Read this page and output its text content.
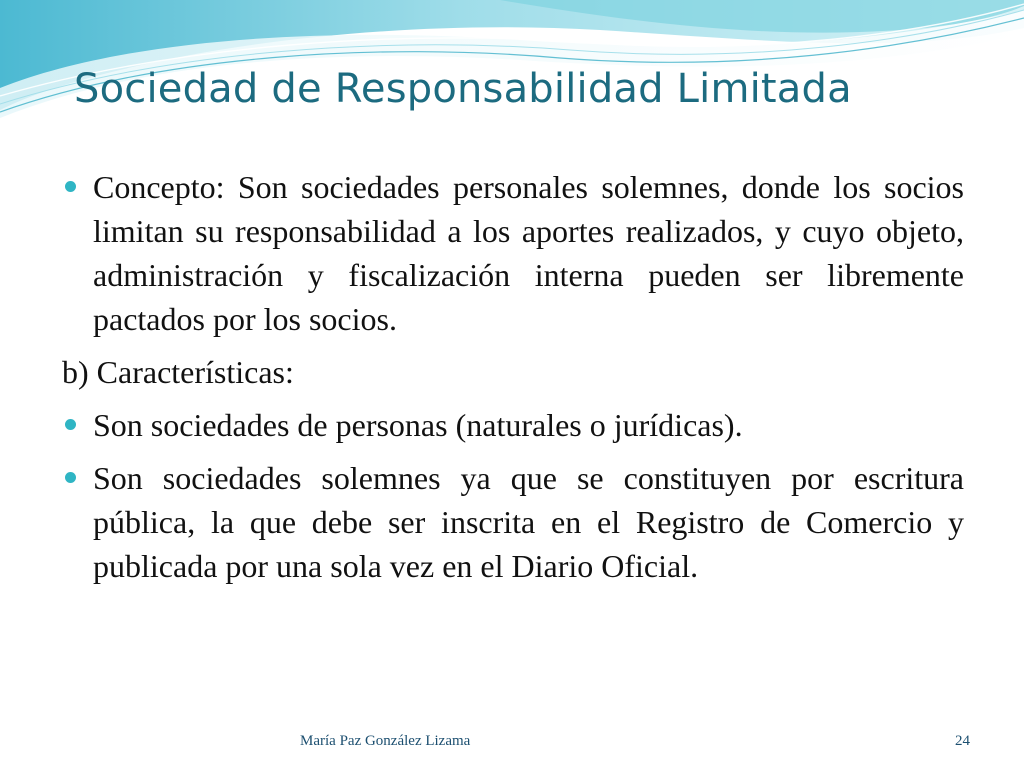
Sociedad de Responsabilidad Limitada
Concepto: Son sociedades personales solemnes, donde los socios limitan su responsabilidad a los aportes realizados, y cuyo objeto, administración y fiscalización interna pueden ser libremente pactados por los socios.
b) Características:
Son sociedades de personas (naturales o jurídicas).
Son sociedades solemnes ya que se constituyen por escritura pública, la que debe ser inscrita en el Registro de Comercio y publicada por una sola vez en el Diario Oficial.
María Paz González Lizama	24
